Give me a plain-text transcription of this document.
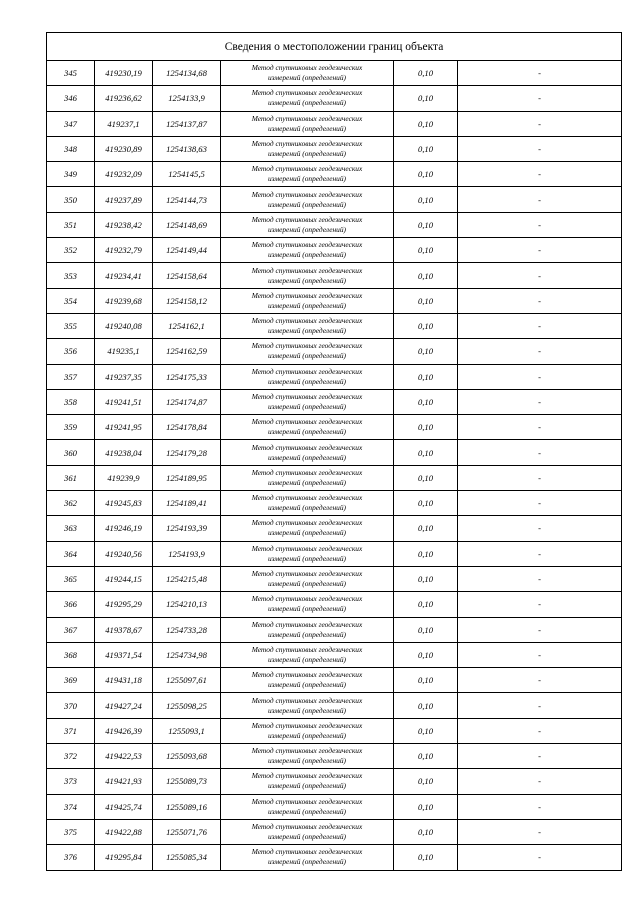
Сведения о местоположении границ объекта					
345	419230,19	1254134,68	Метод спутниковых геодезических
измерений (определений)	0,10	-
346	419236,62	1254133,9	Метод спутниковых геодезических
измерений (определений)	0,10	-
347	419237,1	1254137,87	Метод спутниковых геодезических
измерений (определений)	0,10	-
348	419230,89	1254138,63	Метод спутниковых геодезических
измерений (определений)	0,10	-
349	419232,09	1254145,5	Метод спутниковых геодезических
измерений (определений)	0,10	-
350	419237,89	1254144,73	Метод спутниковых геодезических
измерений (определений)	0,10	-
351	419238,42	1254148,69	Метод спутниковых геодезических
измерений (определений)	0,10	-
352	419232,79	1254149,44	Метод спутниковых геодезических
измерений (определений)	0,10	-
353	419234,41	1254158,64	Метод спутниковых геодезических
измерений (определений)	0,10	-
354	419239,68	1254158,12	Метод спутниковых геодезических
измерений (определений)	0,10	-
355	419240,08	1254162,1	Метод спутниковых геодезических
измерений (определений)	0,10	-
356	419235,1	1254162,59	Метод спутниковых геодезических
измерений (определений)	0,10	-
357	419237,35	1254175,33	Метод спутниковых геодезических
измерений (определений)	0,10	-
358	419241,51	1254174,87	Метод спутниковых геодезических
измерений (определений)	0,10	-
359	419241,95	1254178,84	Метод спутниковых геодезических
измерений (определений)	0,10	-
360	419238,04	1254179,28	Метод спутниковых геодезических
измерений (определений)	0,10	-
361	419239,9	1254189,95	Метод спутниковых геодезических
измерений (определений)	0,10	-
362	419245,83	1254189,41	Метод спутниковых геодезических
измерений (определений)	0,10	-
363	419246,19	1254193,39	Метод спутниковых геодезических
измерений (определений)	0,10	-
364	419240,56	1254193,9	Метод спутниковых геодезических
измерений (определений)	0,10	-
365	419244,15	1254215,48	Метод спутниковых геодезических
измерений (определений)	0,10	-
366	419295,29	1254210,13	Метод спутниковых геодезических
измерений (определений)	0,10	-
367	419378,67	1254733,28	Метод спутниковых геодезических
измерений (определений)	0,10	-
368	419371,54	1254734,98	Метод спутниковых геодезических
измерений (определений)	0,10	-
369	419431,18	1255097,61	Метод спутниковых геодезических
измерений (определений)	0,10	-
370	419427,24	1255098,25	Метод спутниковых геодезических
измерений (определений)	0,10	-
371	419426,39	1255093,1	Метод спутниковых геодезических
измерений (определений)	0,10	-
372	419422,53	1255093,68	Метод спутниковых геодезических
измерений (определений)	0,10	-
373	419421,93	1255089,73	Метод спутниковых геодезических
измерений (определений)	0,10	-
374	419425,74	1255089,16	Метод спутниковых геодезических
измерений (определений)	0,10	-
375	419422,88	1255071,76	Метод спутниковых геодезических
измерений (определений)	0,10	-
376	419295,84	1255085,34	Метод спутниковых геодезических
измерений (определений)	0,10	-
